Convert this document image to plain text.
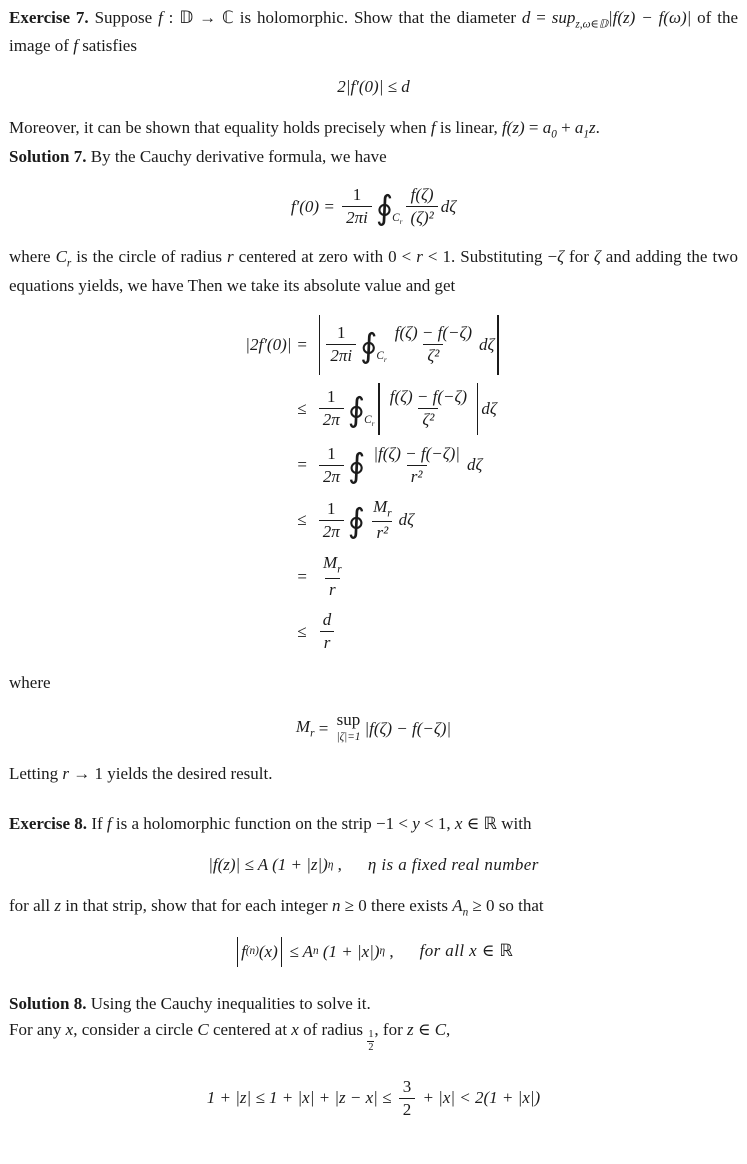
Exercise 7. Suppose f : 𝔻 → ℂ is holomorphic. Show that the diameter d = sup$_{z,\omega\in 𝔻}$|f(z) − f(ω)| of the image of f satisfies

2|f′(0)| ≤ d

Moreover, it can be shown that equality holds precisely when f is linear, $f(z) = a_0 + a_1z$.

Solution 7. By the Cauchy derivative formula, we have

$f'(0) = \frac{1}{2\pi i}$ ∮ $C_r \frac{f(\zeta)}{\text{(ζ)²}}$ dζ

where $C_r$ is the circle of radius r centered at zero with 0 < r < 1. Substituting −ζ for ζ and adding the two equations yields, we have Then we take its absolute value and get

|2f′(0)| =	$\frac{1}{2\pi i}$ ∮ $C_r \frac{f(\zeta) - f(-\zeta)}{\text{ζ²}}$ dζ
≤ $\frac{1}{2\pi}$ ∮ $C_r \frac{f(\zeta) - f(-\zeta)}{\text{ζ²}}$ dζ
= $\frac{1}{2\pi}$ ∮ $\frac{|f(\zeta) - f(-\zeta)|}{\text{r²}}$ dζ
≤ $\frac{1}{2\pi}$ ∮ $\frac{M_r}{\text{r²}}$ dζ
= $\frac{M_r}{r}$
≤ $\frac{d}{r}$

where

$M_r$ = sup
|ζ|=1 |f(ζ) − f(−ζ)|

Letting r → 1 yields the desired result.

Exercise 8. If f is a holomorphic function on the strip −1 < y < 1, x ∈ ℝ with

|f(z)| ≤ A (1 + |z|) η , η is a fixed real number

for all z in that strip, show that for each integer n ≥ 0 there exists $A_n \ge 0$ so that

f (n) (x) ≤ A n (1 + |x|) η , for all x ∈ ℝ

Solution 8. Using the Cauchy inequalities to solve it.

For any x, consider a circle C centered at x of radius
$\frac{1}{2}$
, for z ∈ C,

$1 + |z| \le 1 + |x| + |z - x| \le \frac{3}{2} + |x| < 2(1 + |x|)$
